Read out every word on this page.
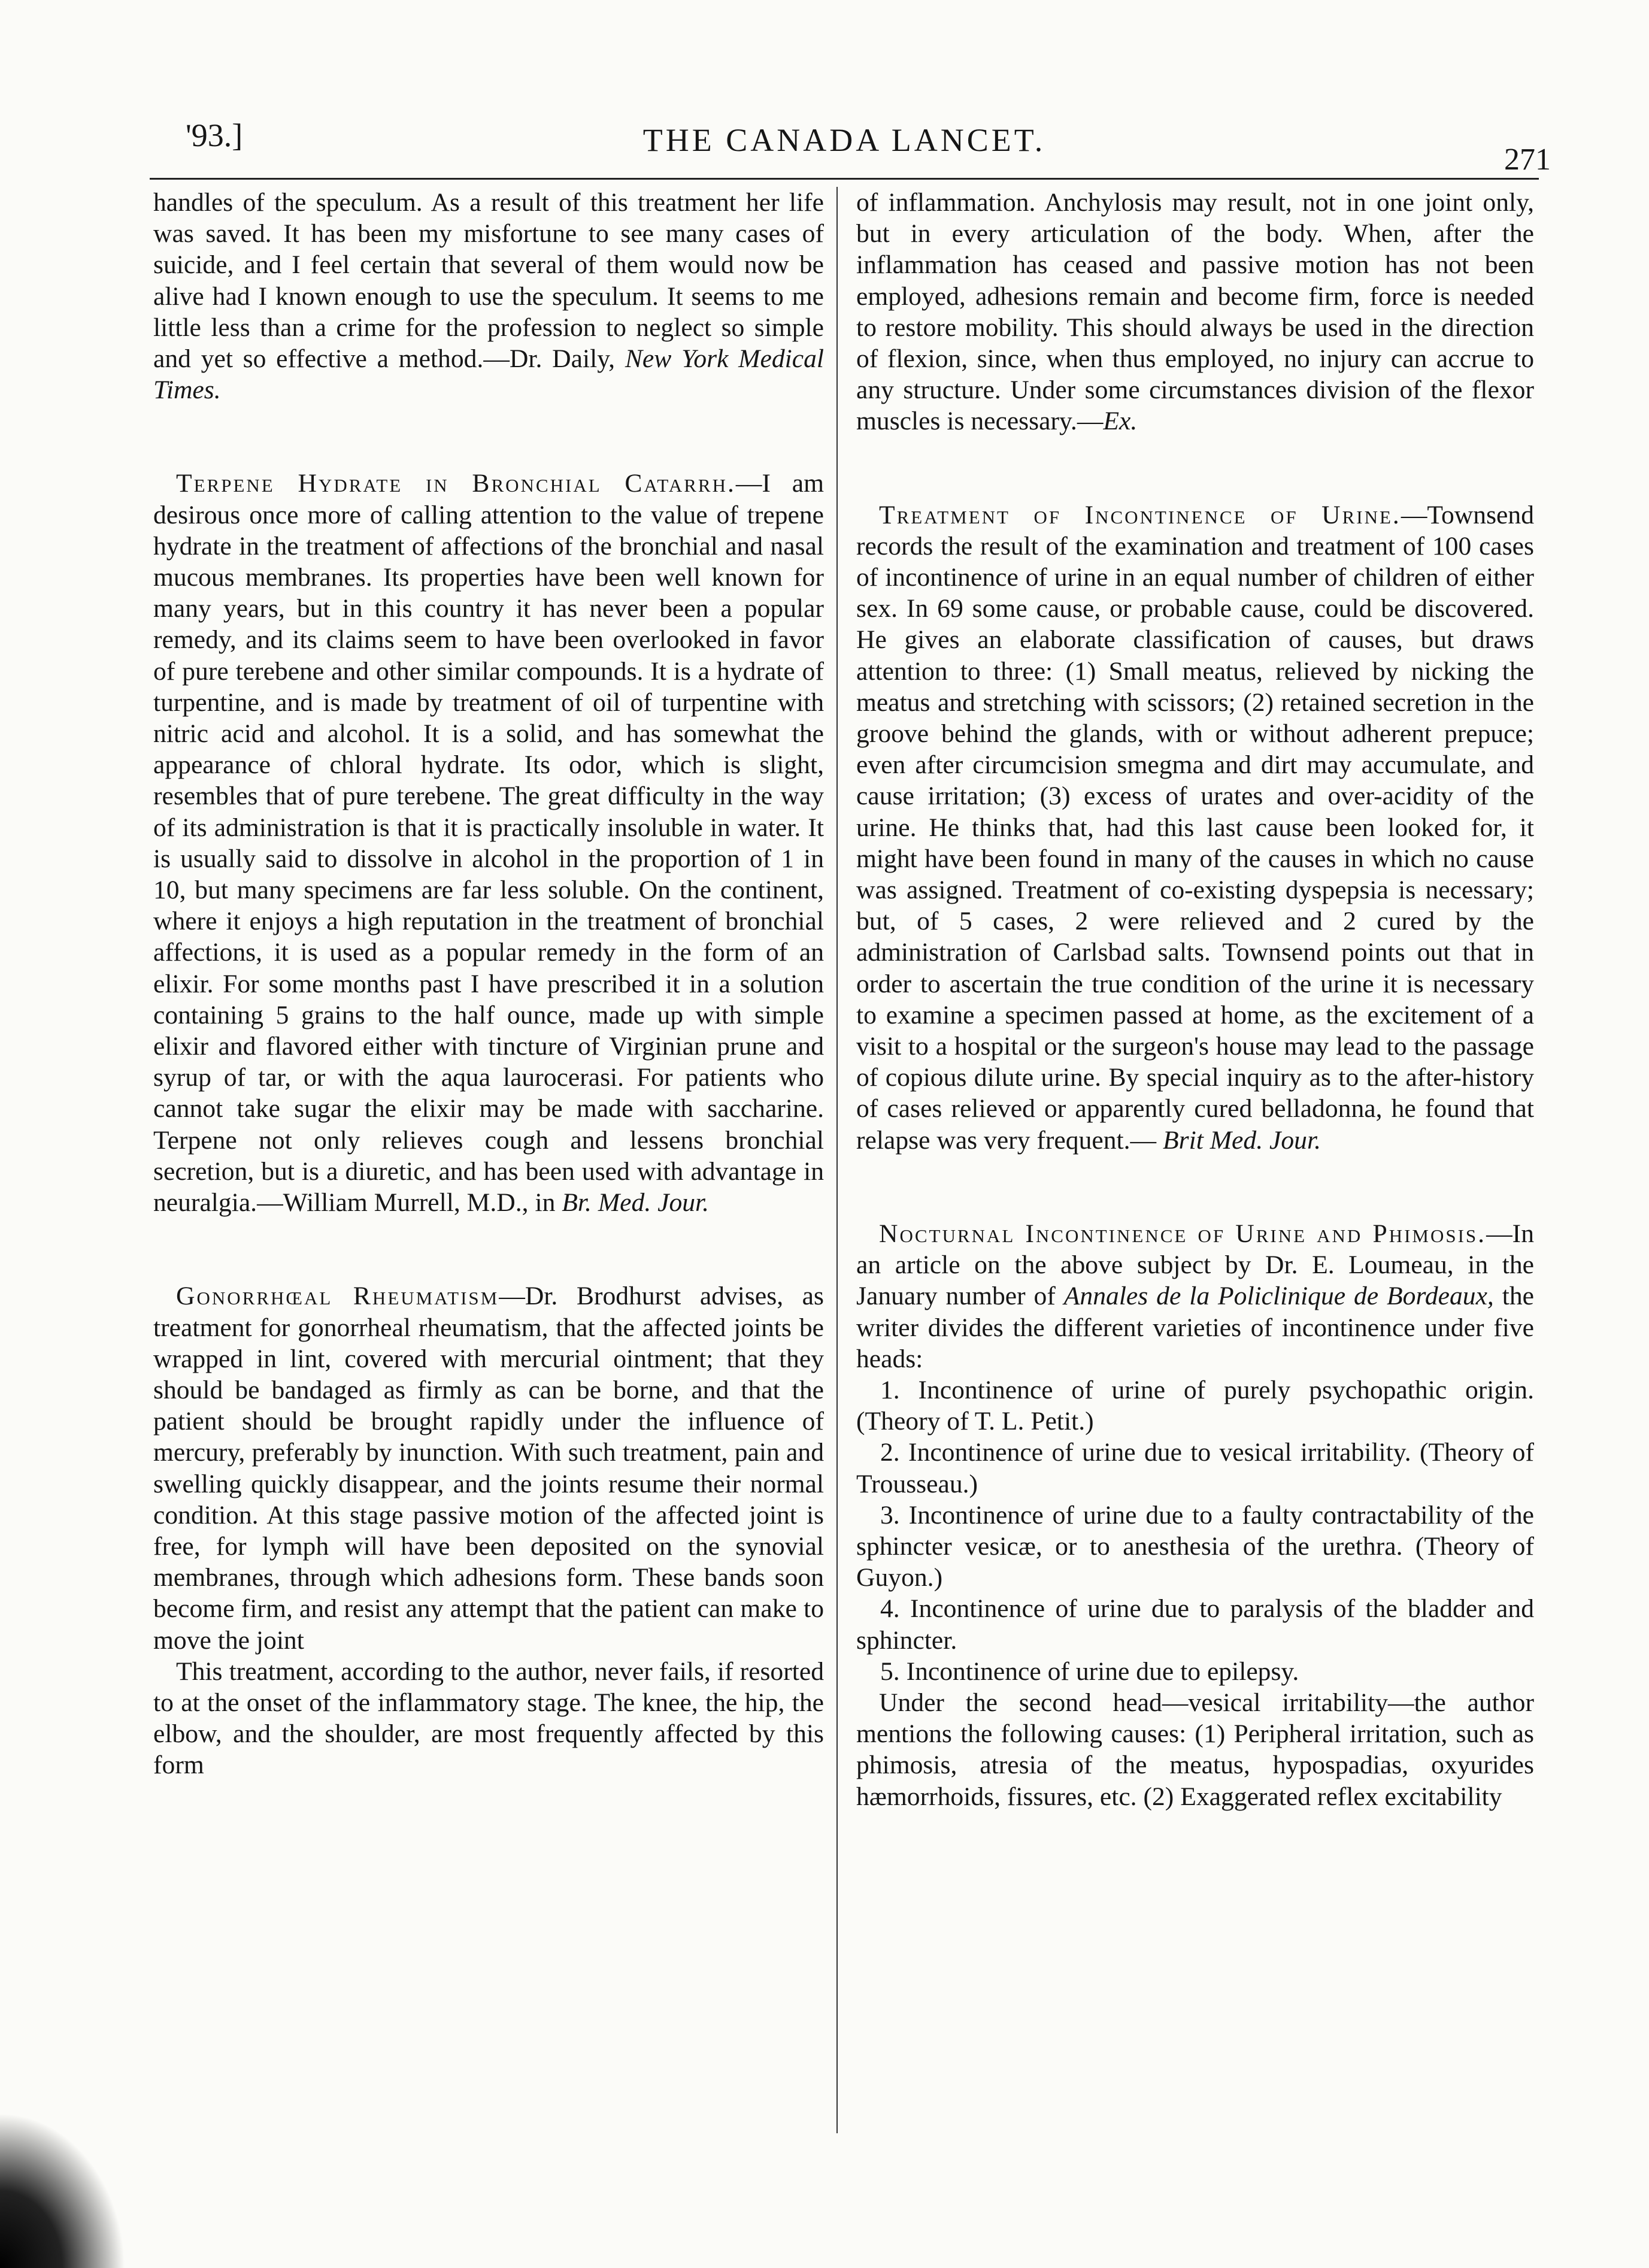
'93.]	THE CANADA LANCET.
271

handles of the speculum. As a result of this treatment her life was saved. It has been my misfortune to see many cases of suicide, and I feel certain that several of them would now be alive had I known enough to use the speculum. It seems to me little less than a crime for the profession to neglect so simple and yet so effective a method.—Dr. Daily, New York Medical Times.

Terpene Hydrate in Bronchial Catarrh.—I am desirous once more of calling attention to the value of trepene hydrate in the treatment of affections of the bronchial and nasal mucous membranes. Its properties have been well known for many years, but in this country it has never been a popular remedy, and its claims seem to have been overlooked in favor of pure terebene and other similar compounds. It is a hydrate of turpentine, and is made by treatment of oil of turpentine with nitric acid and alcohol. It is a solid, and has somewhat the appearance of chloral hydrate. Its odor, which is slight, resembles that of pure terebene. The great difficulty in the way of its administration is that it is practically insoluble in water. It is usually said to dissolve in alcohol in the proportion of 1 in 10, but many specimens are far less soluble. On the continent, where it enjoys a high reputation in the treatment of bronchial affections, it is used as a popular remedy in the form of an elixir. For some months past I have prescribed it in a solution containing 5 grains to the half ounce, made up with simple elixir and flavored either with tincture of Virginian prune and syrup of tar, or with the aqua laurocerasi. For patients who cannot take sugar the elixir may be made with saccharine. Terpene not only relieves cough and lessens bronchial secretion, but is a diuretic, and has been used with advantage in neuralgia.—William Murrell, M.D., in Br. Med. Jour.

Gonorrhœal Rheumatism—Dr. Brodhurst advises, as treatment for gonorrheal rheumatism, that the affected joints be wrapped in lint, covered with mercurial ointment; that they should be bandaged as firmly as can be borne, and that the patient should be brought rapidly under the influence of mercury, preferably by inunction. With such treatment, pain and swelling quickly disappear, and the joints resume their normal condition. At this stage passive motion of the affected joint is free, for lymph will have been deposited on the synovial membranes, through which adhesions form. These bands soon become firm, and resist any attempt that the patient can make to move the joint

This treatment, according to the author, never fails, if resorted to at the onset of the inflammatory stage. The knee, the hip, the elbow, and the shoulder, are most frequently affected by this form

of inflammation. Anchylosis may result, not in one joint only, but in every articulation of the body. When, after the inflammation has ceased and passive motion has not been employed, adhesions remain and become firm, force is needed to restore mobility. This should always be used in the direction of flexion, since, when thus employed, no injury can accrue to any structure. Under some circumstances division of the flexor muscles is necessary.—Ex.

Treatment of Incontinence of Urine.—Townsend records the result of the examination and treatment of 100 cases of incontinence of urine in an equal number of children of either sex. In 69 some cause, or probable cause, could be discovered. He gives an elaborate classification of causes, but draws attention to three: (1) Small meatus, relieved by nicking the meatus and stretching with scissors; (2) retained secretion in the groove behind the glands, with or without adherent prepuce; even after circumcision smegma and dirt may accumulate, and cause irritation; (3) excess of urates and over-acidity of the urine. He thinks that, had this last cause been looked for, it might have been found in many of the causes in which no cause was assigned. Treatment of co-existing dyspepsia is necessary; but, of 5 cases, 2 were relieved and 2 cured by the administration of Carlsbad salts. Townsend points out that in order to ascertain the true condition of the urine it is necessary to examine a specimen passed at home, as the excitement of a visit to a hospital or the surgeon's house may lead to the passage of copious dilute urine. By special inquiry as to the after-history of cases relieved or apparently cured belladonna, he found that relapse was very frequent.— Brit Med. Jour.

Nocturnal Incontinence of Urine and Phimosis.—In an article on the above subject by Dr. E. Loumeau, in the January number of Annales de la Policlinique de Bordeaux, the writer divides the different varieties of incontinence under five heads:

1. Incontinence of urine of purely psychopathic origin. (Theory of T. L. Petit.)

2. Incontinence of urine due to vesical irritability. (Theory of Trousseau.)

3. Incontinence of urine due to a faulty contractability of the sphincter vesicæ, or to anesthesia of the urethra. (Theory of Guyon.)

4. Incontinence of urine due to paralysis of the bladder and sphincter.

5. Incontinence of urine due to epilepsy.

Under the second head—vesical irritability—the author mentions the following causes: (1) Peripheral irritation, such as phimosis, atresia of the meatus, hypospadias, oxyurides hæmorrhoids, fissures, etc. (2) Exaggerated reflex excitability
